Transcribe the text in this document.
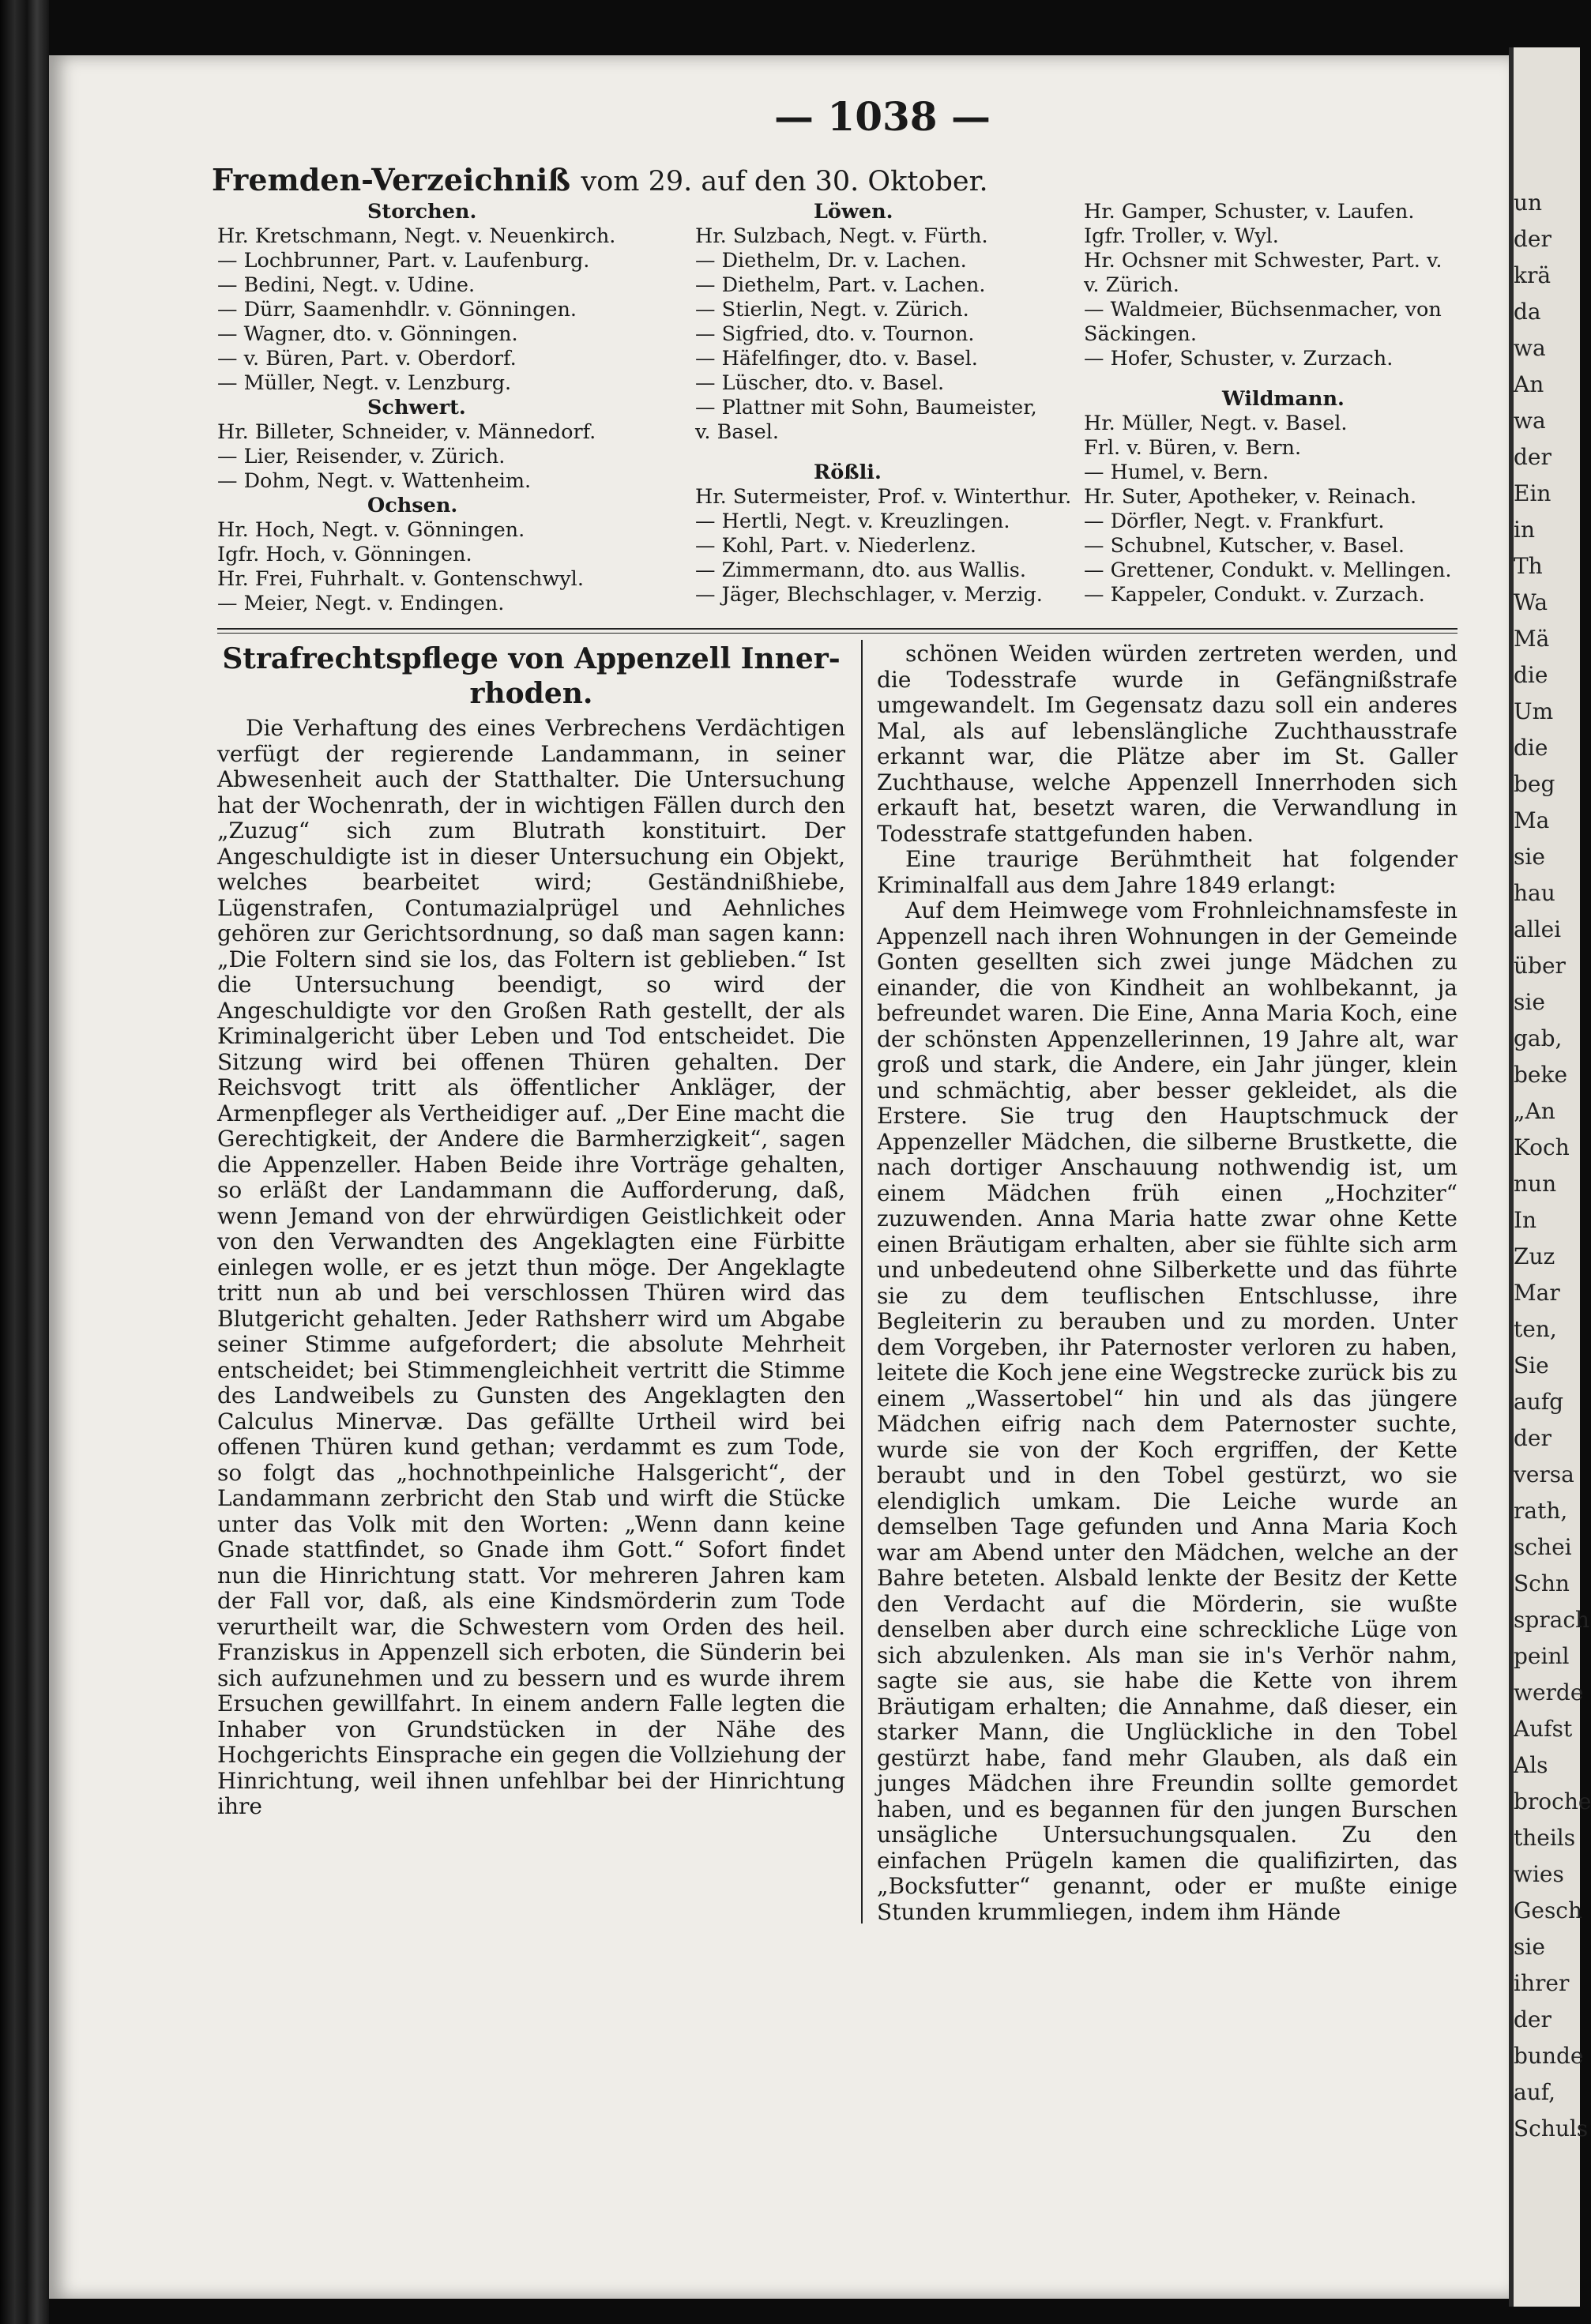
un
der
krä
da
wa
An
wa
der
Ein
in
Th
Wa
Mä
die
Um
die
beg
Ma
sie
hau
allei
über
sie
gab,
beke
„An
Koch
nun
In
Zuz
Mar
ten,
Sie
aufg
der
versa
rath,
schei
Schn
sprach
peinl
werde
Aufst
Als
broche
theils
wies
Gesch
sie
ihrer
der
bunde
auf,
Schuls
— 1038 —
Fremden-Verzeichniß vom 29. auf den 30. Oktober.
Storchen.
Hr. Kretschmann, Negt. v. Neuenkirch.
— Lochbrunner, Part. v. Laufenburg.
— Bedini, Negt. v. Udine.
— Dürr, Saamenhdlr. v. Gönningen.
— Wagner, dto. v. Gönningen.
— v. Büren, Part. v. Oberdorf.
— Müller, Negt. v. Lenzburg.
Schwert.
Hr. Billeter, Schneider, v. Männedorf.
— Lier, Reisender, v. Zürich.
— Dohm, Negt. v. Wattenheim.
Ochsen.
Hr. Hoch, Negt. v. Gönningen.
Igfr. Hoch, v. Gönningen.
Hr. Frei, Fuhrhalt. v. Gontenschwyl.
— Meier, Negt. v. Endingen.
Löwen.
Hr. Sulzbach, Negt. v. Fürth.
— Diethelm, Dr. v. Lachen.
— Diethelm, Part. v. Lachen.
— Stierlin, Negt. v. Zürich.
— Sigfried, dto. v. Tournon.
— Häfelfinger, dto. v. Basel.
— Lüscher, dto. v. Basel.
— Plattner mit Sohn, Baumeister,
v. Basel.
Rößli.
Hr. Sutermeister, Prof. v. Winterthur.
— Hertli, Negt. v. Kreuzlingen.
— Kohl, Part. v. Niederlenz.
— Zimmermann, dto. aus Wallis.
— Jäger, Blechschlager, v. Merzig.
Hr. Gamper, Schuster, v. Laufen.
Igfr. Troller, v. Wyl.
Hr. Ochsner mit Schwester, Part. v.
v. Zürich.
— Waldmeier, Büchsenmacher, von
Säckingen.
— Hofer, Schuster, v. Zurzach.
Wildmann.
Hr. Müller, Negt. v. Basel.
Frl. v. Büren, v. Bern.
— Humel, v. Bern.
Hr. Suter, Apotheker, v. Reinach.
— Dörfler, Negt. v. Frankfurt.
— Schubnel, Kutscher, v. Basel.
— Grettener, Condukt. v. Mellingen.
— Kappeler, Condukt. v. Zurzach.
Strafrechtspflege von Appenzell Inner-rhoden.

Die Verhaftung des eines Verbrechens Verdächtigen verfügt der regierende Landammann, in seiner Abwesenheit auch der Statthalter. Die Untersuchung hat der Wochenrath, der in wichtigen Fällen durch den „Zuzug“ sich zum Blutrath konstituirt. Der Angeschuldigte ist in dieser Untersuchung ein Objekt, welches bearbeitet wird; Geständnißhiebe, Lügenstrafen, Contumazialprügel und Aehnliches gehören zur Gerichtsordnung, so daß man sagen kann: „Die Foltern sind sie los, das Foltern ist geblieben.“ Ist die Untersuchung beendigt, so wird der Angeschuldigte vor den Großen Rath gestellt, der als Kriminalgericht über Leben und Tod entscheidet. Die Sitzung wird bei offenen Thüren gehalten. Der Reichsvogt tritt als öffentlicher Ankläger, der Armenpfleger als Vertheidiger auf. „Der Eine macht die Gerechtigkeit, der Andere die Barmherzigkeit“, sagen die Appenzeller. Haben Beide ihre Vorträge gehalten, so erläßt der Landammann die Aufforderung, daß, wenn Jemand von der ehrwürdigen Geistlichkeit oder von den Verwandten des Angeklagten eine Fürbitte einlegen wolle, er es jetzt thun möge. Der Angeklagte tritt nun ab und bei verschlossen Thüren wird das Blutgericht gehalten. Jeder Rathsherr wird um Abgabe seiner Stimme aufgefordert; die absolute Mehrheit entscheidet; bei Stimmengleichheit vertritt die Stimme des Landweibels zu Gunsten des Angeklagten den Calculus Minervæ. Das gefällte Urtheil wird bei offenen Thüren kund gethan; verdammt es zum Tode, so folgt das „hochnothpeinliche Halsgericht“, der Landammann zerbricht den Stab und wirft die Stücke unter das Volk mit den Worten: „Wenn dann keine Gnade stattfindet, so Gnade ihm Gott.“ Sofort findet nun die Hinrichtung statt. Vor mehreren Jahren kam der Fall vor, daß, als eine Kindsmörderin zum Tode verurtheilt war, die Schwestern vom Orden des heil. Franziskus in Appenzell sich erboten, die Sünderin bei sich aufzunehmen und zu bessern und es wurde ihrem Ersuchen gewillfahrt. In einem andern Falle legten die Inhaber von Grundstücken in der Nähe des Hochgerichts Einsprache ein gegen die Vollziehung der Hinrichtung, weil ihnen unfehlbar bei der Hinrichtung ihre

schönen Weiden würden zertreten werden, und die Todesstrafe wurde in Gefängnißstrafe umgewandelt. Im Gegensatz dazu soll ein anderes Mal, als auf lebenslängliche Zuchthausstrafe erkannt war, die Plätze aber im St. Galler Zuchthause, welche Appenzell Innerrhoden sich erkauft hat, besetzt waren, die Verwandlung in Todesstrafe stattgefunden haben.

Eine traurige Berühmtheit hat folgender Kriminalfall aus dem Jahre 1849 erlangt:

Auf dem Heimwege vom Frohnleichnamsfeste in Appenzell nach ihren Wohnungen in der Gemeinde Gonten gesellten sich zwei junge Mädchen zu einander, die von Kindheit an wohlbekannt, ja befreundet waren. Die Eine, Anna Maria Koch, eine der schönsten Appenzellerinnen, 19 Jahre alt, war groß und stark, die Andere, ein Jahr jünger, klein und schmächtig, aber besser gekleidet, als die Erstere. Sie trug den Hauptschmuck der Appenzeller Mädchen, die silberne Brustkette, die nach dortiger Anschauung nothwendig ist, um einem Mädchen früh einen „Hochziter“ zuzuwenden. Anna Maria hatte zwar ohne Kette einen Bräutigam erhalten, aber sie fühlte sich arm und unbedeutend ohne Silberkette und das führte sie zu dem teuflischen Entschlusse, ihre Begleiterin zu berauben und zu morden. Unter dem Vorgeben, ihr Paternoster verloren zu haben, leitete die Koch jene eine Wegstrecke zurück bis zu einem „Wassertobel“ hin und als das jüngere Mädchen eifrig nach dem Paternoster suchte, wurde sie von der Koch ergriffen, der Kette beraubt und in den Tobel gestürzt, wo sie elendiglich umkam. Die Leiche wurde an demselben Tage gefunden und Anna Maria Koch war am Abend unter den Mädchen, welche an der Bahre beteten. Alsbald lenkte der Besitz der Kette den Verdacht auf die Mörderin, sie wußte denselben aber durch eine schreckliche Lüge von sich abzulenken. Als man sie in's Verhör nahm, sagte sie aus, sie habe die Kette von ihrem Bräutigam erhalten; die Annahme, daß dieser, ein starker Mann, die Unglückliche in den Tobel gestürzt habe, fand mehr Glauben, als daß ein junges Mädchen ihre Freundin sollte gemordet haben, und es begannen für den jungen Burschen unsägliche Untersuchungsqualen. Zu den einfachen Prügeln kamen die qualifizirten, das „Bocksfutter“ genannt, oder er mußte einige Stunden krummliegen, indem ihm Hände
